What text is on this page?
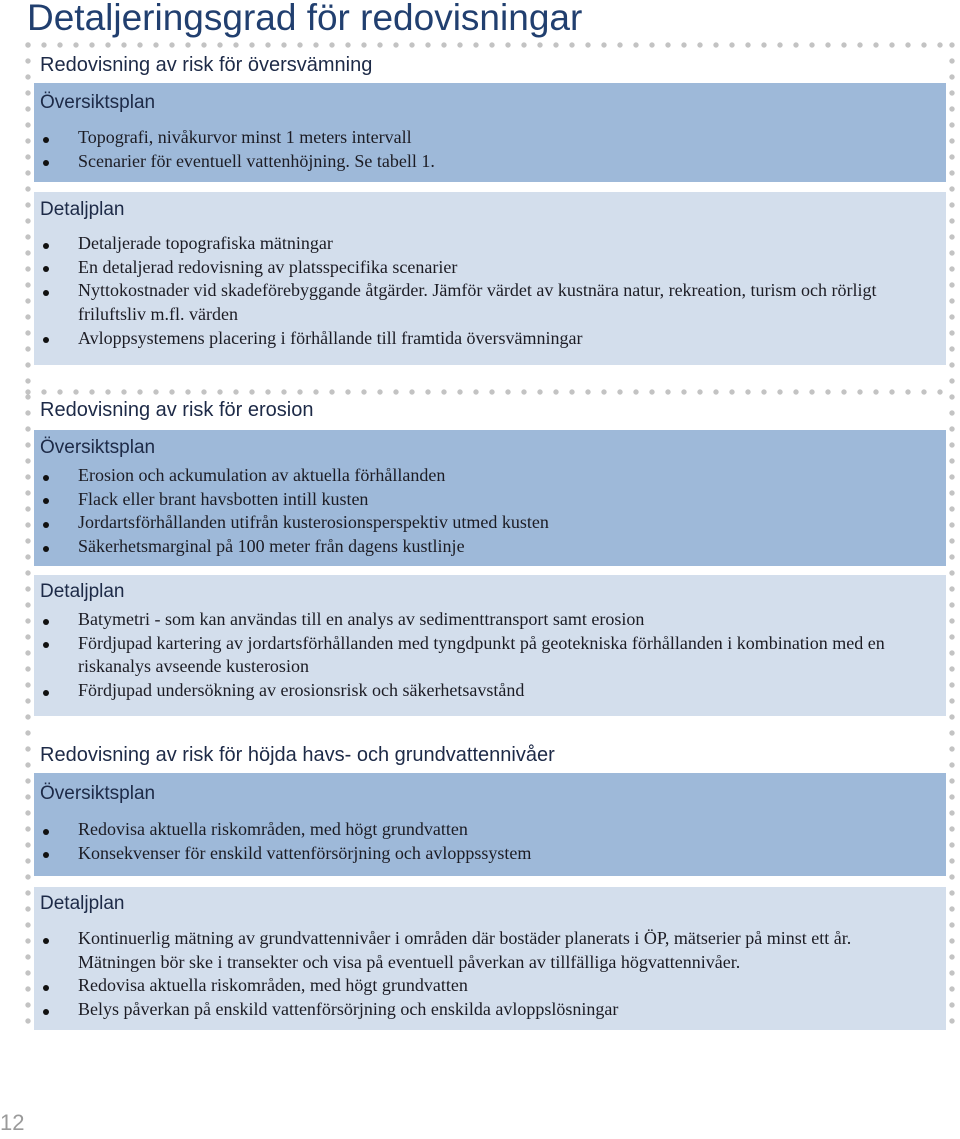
Detaljeringsgrad för redovisningar
Redovisning av risk för översvämning
Översiktsplan
Topografi, nivåkurvor minst 1 meters intervall
Scenarier för eventuell vattenhöjning. Se tabell 1.
Detaljplan
Detaljerade topografiska mätningar
En detaljerad redovisning av platsspecifika scenarier
Nyttokostnader vid skadeförebyggande åtgärder. Jämför värdet av kustnära natur, rekreation, turism och rörligt
friluftsliv m.fl. värden
Avloppsystemens placering i förhållande till framtida översvämningar
Redovisning av risk för erosion
Översiktsplan
Erosion och ackumulation av aktuella förhållanden
Flack eller brant havsbotten intill kusten
Jordartsförhållanden utifrån kusterosionsperspektiv utmed kusten
Säkerhetsmarginal på 100 meter från dagens kustlinje
Detaljplan
Batymetri - som kan användas till en analys av sedimenttransport samt erosion
Fördjupad kartering av jordartsförhållanden med tyngdpunkt på geotekniska förhållanden i kombination med en
riskanalys avseende kusterosion
Fördjupad undersökning av erosionsrisk och säkerhetsavstånd
Redovisning av risk för höjda havs- och grundvattennivåer
Översiktsplan
Redovisa aktuella riskområden, med högt grundvatten
Konsekvenser för enskild vattenförsörjning och avloppssystem
Detaljplan
Kontinuerlig mätning av grundvattennivåer i områden där bostäder planerats i ÖP, mätserier på minst ett år.
Mätningen bör ske i transekter och visa på eventuell påverkan av tillfälliga högvattennivåer.
Redovisa aktuella riskområden, med högt grundvatten
Belys påverkan på enskild vattenförsörjning och enskilda avloppslösningar
12
